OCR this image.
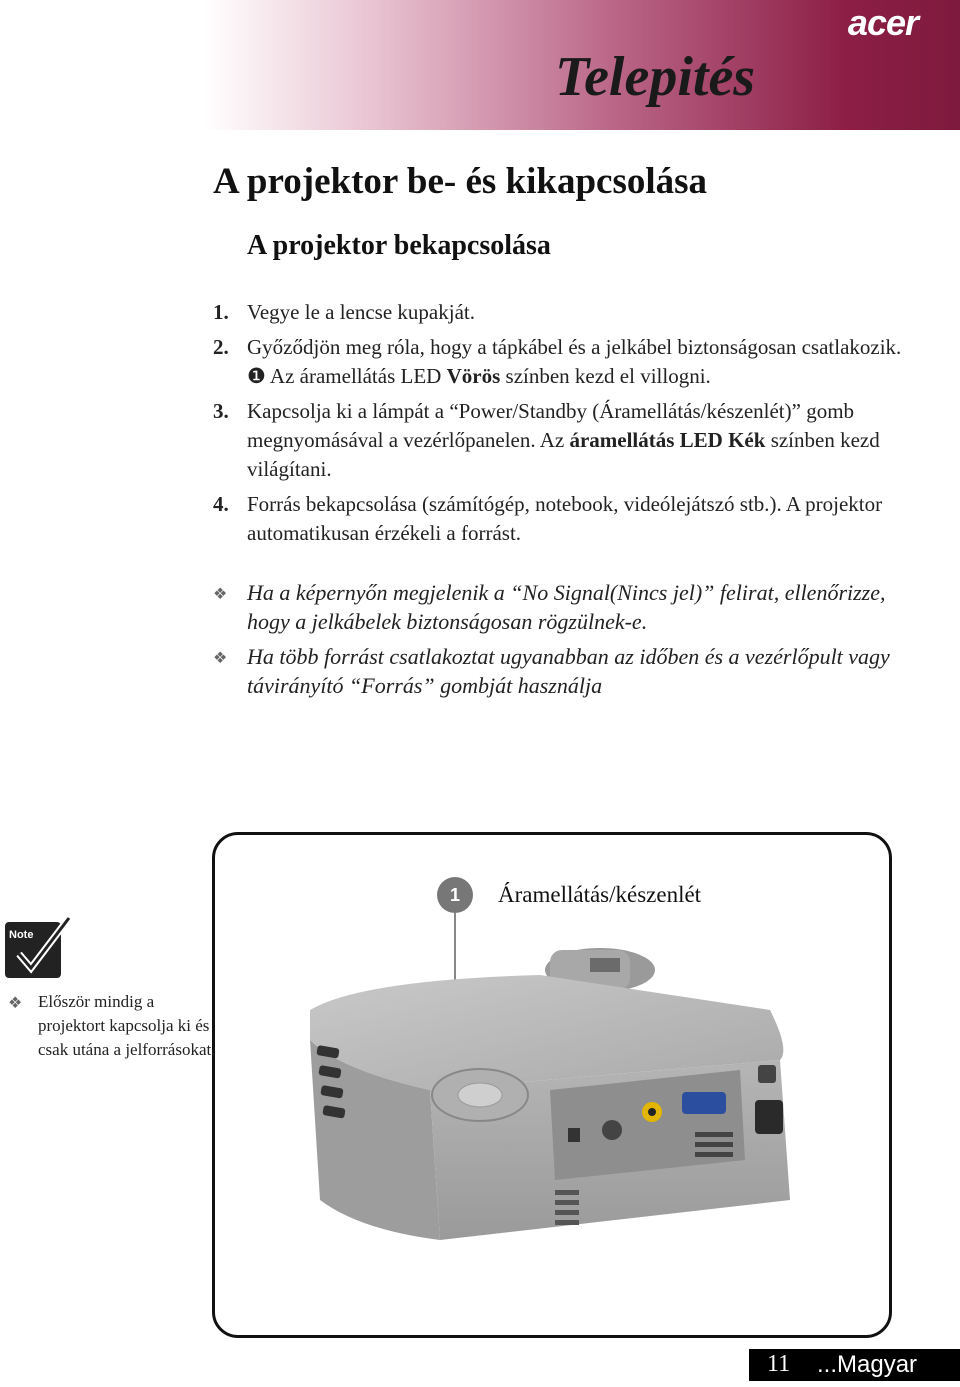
acer
Telepités
A projektor be- és kikapcsolása
A projektor bekapcsolása
1. Vegye le a lencse kupakját.
2. Győződjön meg róla, hogy a tápkábel és a jelkábel biztonságosan csatlakozik. ❶ Az áramellátás LED Vörös színben kezd el villogni.
3. Kapcsolja ki a lámpát a “Power/Standby (Áramellátás/készenlét)” gomb megnyomásával a vezérlőpanelen. Az áramellátás LED Kék színben kezd világítani.
4. Forrás bekapcsolása (számítógép, notebook, videólejátszó stb.). A projektor automatikusan érzékeli a forrást.
❖ Ha a képernyőn megjelenik a “No Signal(Nincs jel)” felirat, ellenőrizze, hogy a jelkábelek biztonságosan rögzülnek-e.
❖ Ha több forrást csatlakoztat ugyanabban az időben és a vezérlőpult vagy távirányító “Forrás” gombját használja
1	Áramellátás/készenlét
Note
❖ Először mindig a projektort kapcsolja ki és csak utána a jelforrásokat.
11 ...Magyar
